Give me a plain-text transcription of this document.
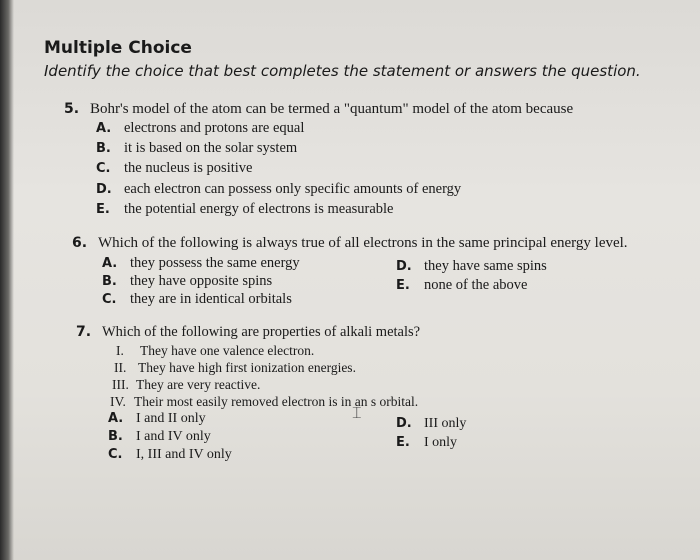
Multiple Choice
Identify the choice that best completes the statement or answers the question.
5. Bohr's model of the atom can be termed a "quantum" model of the atom because
A. electrons and protons are equal
B. it is based on the solar system
C. the nucleus is positive
D. each electron can possess only specific amounts of energy
E. the potential energy of electrons is measurable
6. Which of the following is always true of all electrons in the same principal energy level.
A. they possess the same energy
B. they have opposite spins
C. they are in identical orbitals
D. they have same spins
E. none of the above
7. Which of the following are properties of alkali metals?
I. They have one valence electron.
II. They have high first ionization energies.
III. They are very reactive.
IV. Their most easily removed electron is in an s orbital.
A. I and II only
B. I and IV only
C. I, III and IV only
D. III only
E. I only
⌶
